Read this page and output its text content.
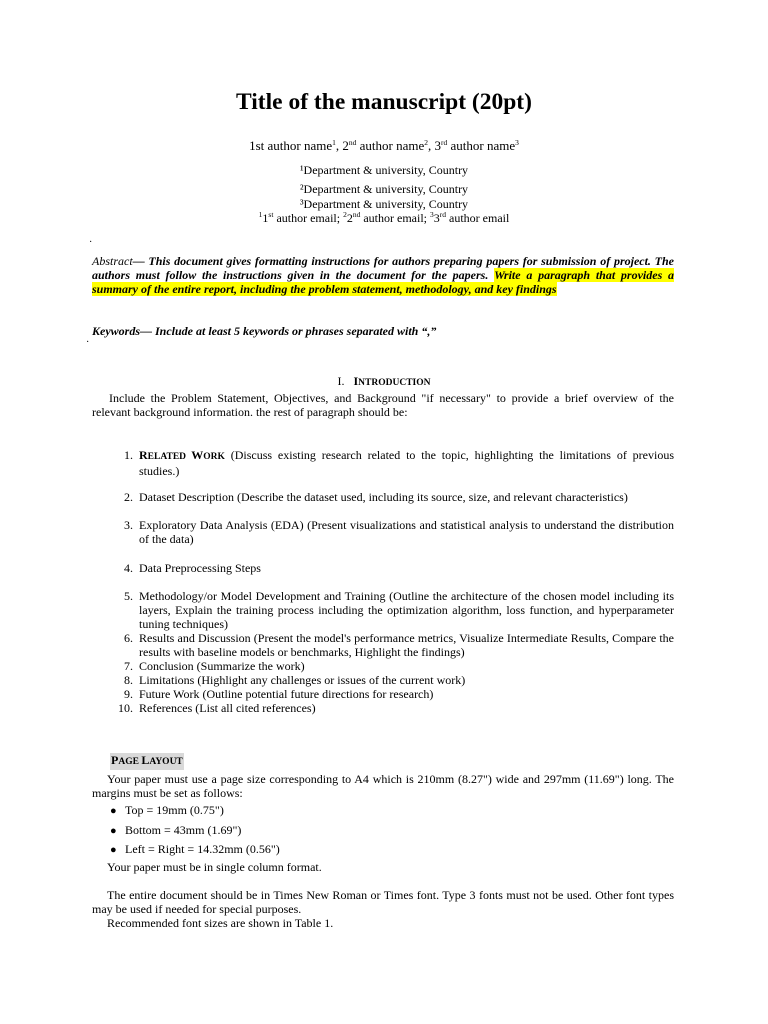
Title of the manuscript (20pt)
1st author name$^1$, 2nd author name$^2$, 3rd author name$^3$
¹Department & university, Country
²Department & university, Country
³Department & university, Country
$^1$1st author email; $^2$2nd author email; $^3$3rd author email
·
Abstract— This document gives formatting instructions for authors preparing papers for submission of project. The authors must follow the instructions given in the document for the papers. Write a paragraph that provides a summary of the entire report, including the problem statement, methodology, and key findings
Keywords— Include at least 5 keywords or phrases separated with “,”
·
I. INTRODUCTION
Include the Problem Statement, Objectives, and Background "if necessary" to provide a brief overview of the relevant background information. the rest of paragraph should be:
1. RELATED WORK (Discuss existing research related to the topic, highlighting the limitations of previous studies.)
2. Dataset Description (Describe the dataset used, including its source, size, and relevant characteristics)
3. Exploratory Data Analysis (EDA) (Present visualizations and statistical analysis to understand the distribution of the data)
4. Data Preprocessing Steps
5. Methodology/or Model Development and Training (Outline the architecture of the chosen model including its layers, Explain the training process including the optimization algorithm, loss function, and hyperparameter tuning techniques)
6. Results and Discussion (Present the model's performance metrics, Visualize Intermediate Results, Compare the results with baseline models or benchmarks, Highlight the findings)
7. Conclusion (Summarize the work)
8. Limitations (Highlight any challenges or issues of the current work)
9. Future Work (Outline potential future directions for research)
10. References (List all cited references)
PAGE LAYOUT
Your paper must use a page size corresponding to A4 which is 210mm (8.27") wide and 297mm (11.69") long. The margins must be set as follows:
● Top = 19mm (0.75")
● Bottom = 43mm (1.69")
● Left = Right = 14.32mm (0.56")
Your paper must be in single column format.
The entire document should be in Times New Roman or Times font. Type 3 fonts must not be used. Other font types may be used if needed for special purposes.
Recommended font sizes are shown in Table 1.
